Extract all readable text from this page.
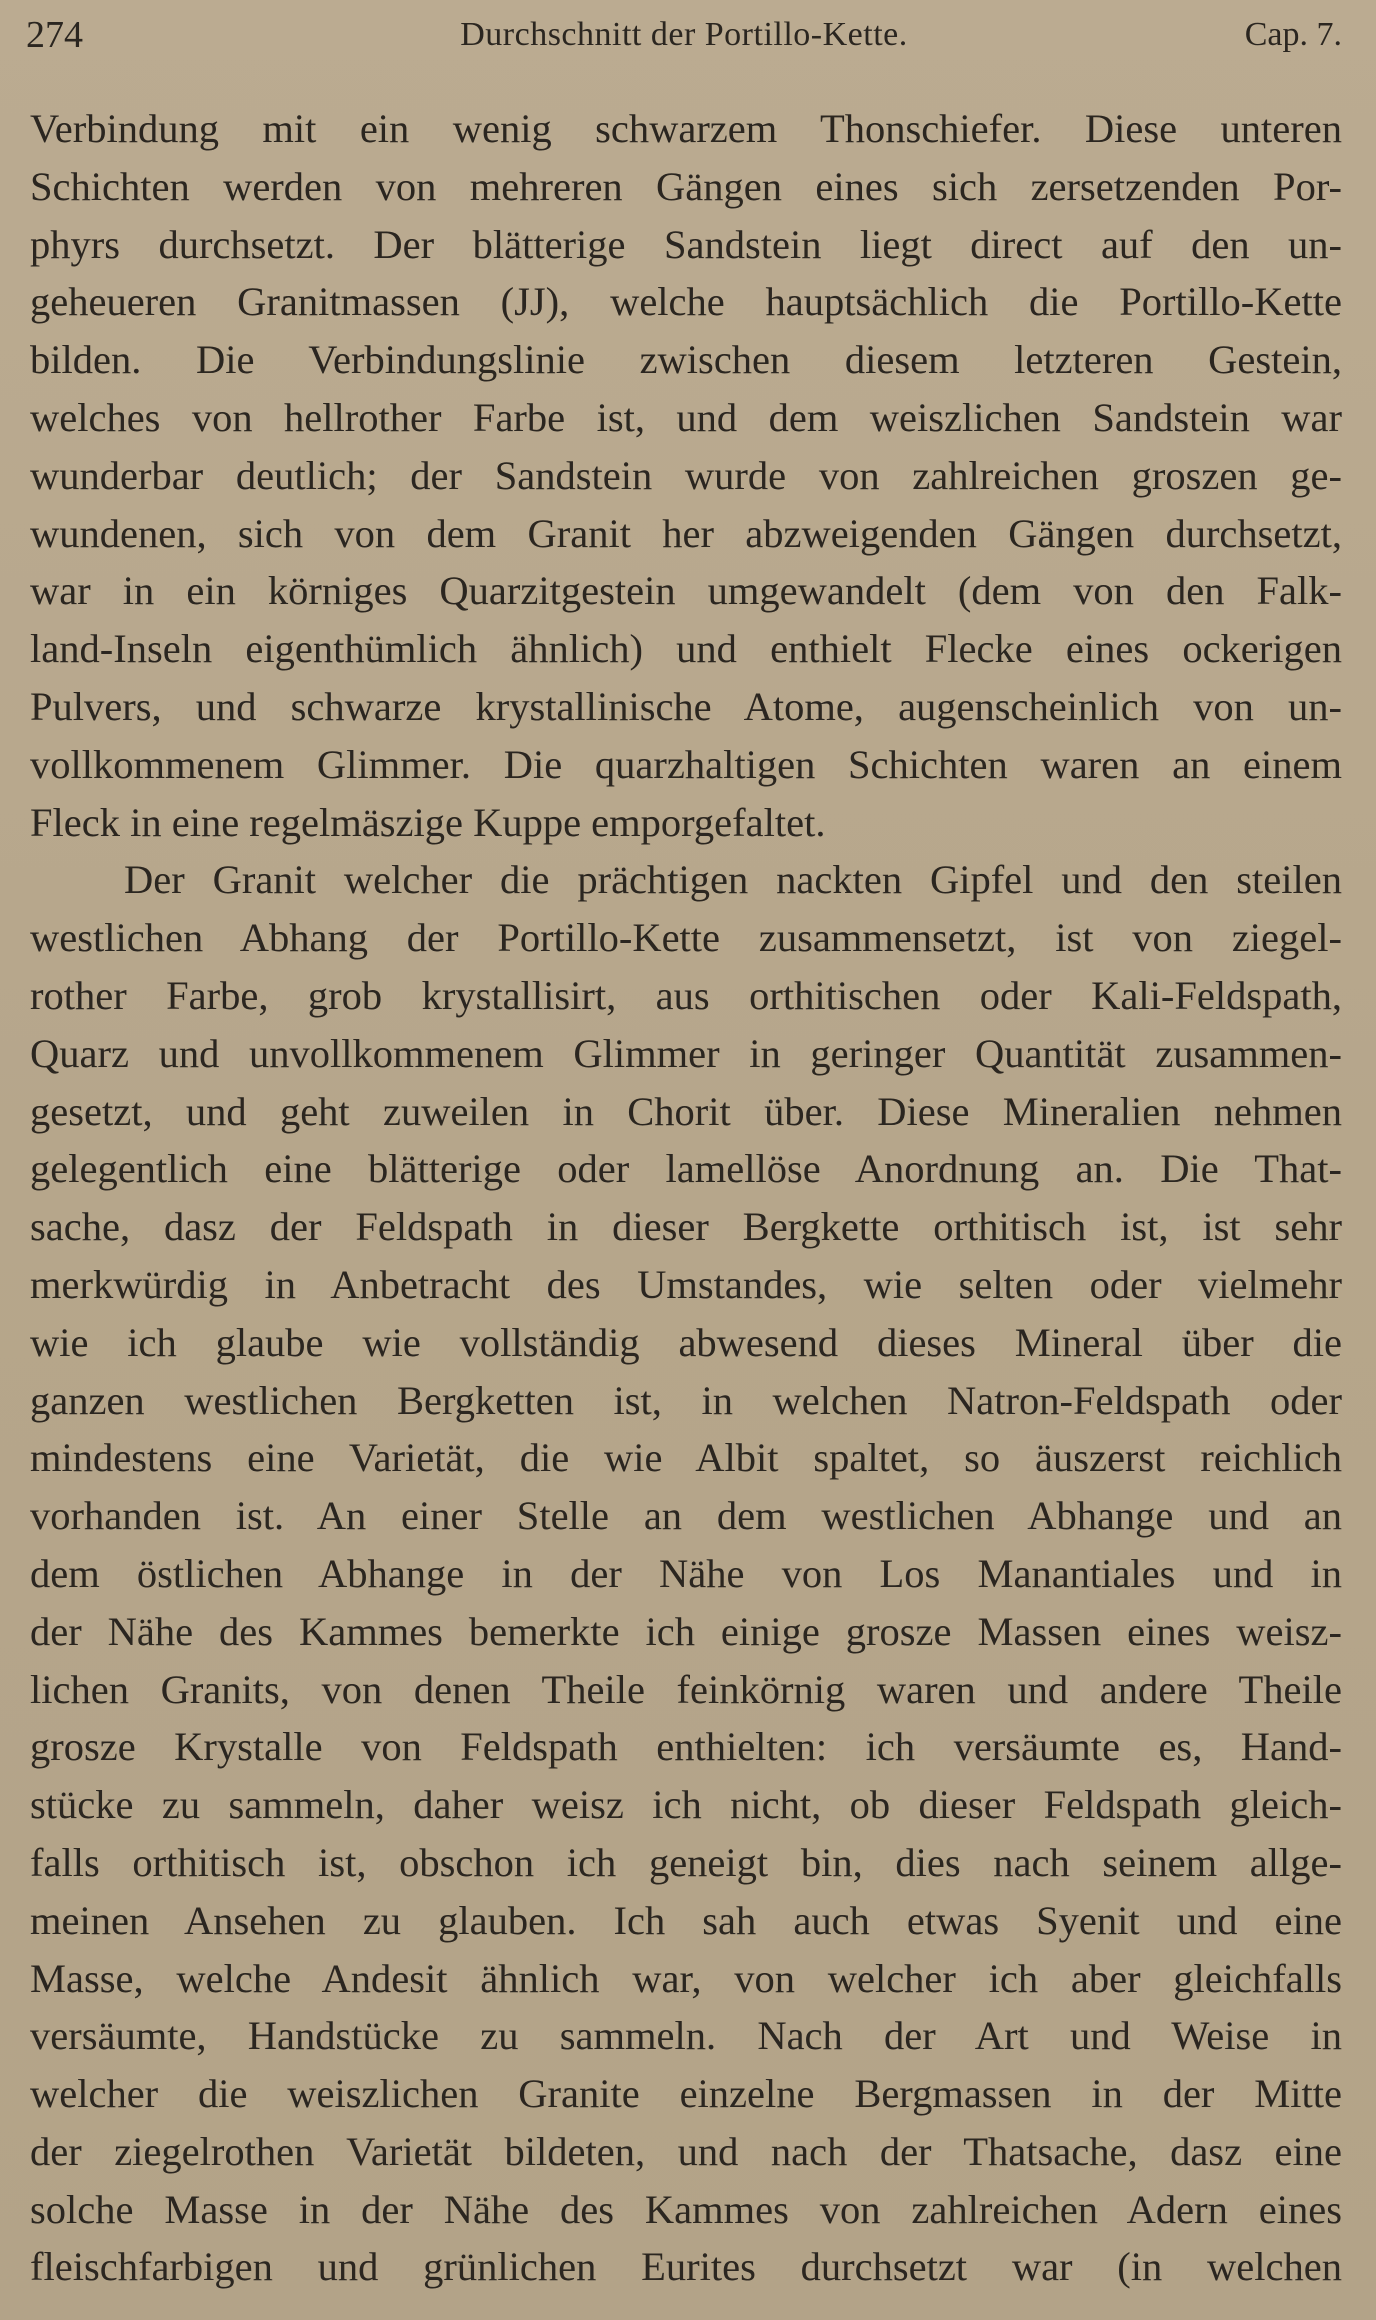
274	Durchschnitt der Portillo-Kette.	Cap. 7.
Verbindung mit ein wenig schwarzem Thonschiefer. Diese unteren
Schichten werden von mehreren Gängen eines sich zersetzenden Por-
phyrs durchsetzt. Der blätterige Sandstein liegt direct auf den un-
geheueren Granitmassen (JJ), welche hauptsächlich die Portillo-Kette
bilden. Die Verbindungslinie zwischen diesem letzteren Gestein,
welches von hellrother Farbe ist, und dem weiszlichen Sandstein war
wunderbar deutlich; der Sandstein wurde von zahlreichen groszen ge-
wundenen, sich von dem Granit her abzweigenden Gängen durchsetzt,
war in ein körniges Quarzitgestein umgewandelt (dem von den Falk-
land-Inseln eigenthümlich ähnlich) und enthielt Flecke eines ockerigen
Pulvers, und schwarze krystallinische Atome, augenscheinlich von un-
vollkommenem Glimmer. Die quarzhaltigen Schichten waren an einem
Fleck in eine regelmäszige Kuppe emporgefaltet.
Der Granit welcher die prächtigen nackten Gipfel und den steilen
westlichen Abhang der Portillo-Kette zusammensetzt, ist von ziegel-
rother Farbe, grob krystallisirt, aus orthitischen oder Kali-Feldspath,
Quarz und unvollkommenem Glimmer in geringer Quantität zusammen-
gesetzt, und geht zuweilen in Chorit über. Diese Mineralien nehmen
gelegentlich eine blätterige oder lamellöse Anordnung an. Die That-
sache, dasz der Feldspath in dieser Bergkette orthitisch ist, ist sehr
merkwürdig in Anbetracht des Umstandes, wie selten oder vielmehr
wie ich glaube wie vollständig abwesend dieses Mineral über die
ganzen westlichen Bergketten ist, in welchen Natron-Feldspath oder
mindestens eine Varietät, die wie Albit spaltet, so äuszerst reichlich
vorhanden ist. An einer Stelle an dem westlichen Abhange und an
dem östlichen Abhange in der Nähe von Los Manantiales und in
der Nähe des Kammes bemerkte ich einige grosze Massen eines weisz-
lichen Granits, von denen Theile feinkörnig waren und andere Theile
grosze Krystalle von Feldspath enthielten: ich versäumte es, Hand-
stücke zu sammeln, daher weisz ich nicht, ob dieser Feldspath gleich-
falls orthitisch ist, obschon ich geneigt bin, dies nach seinem allge-
meinen Ansehen zu glauben. Ich sah auch etwas Syenit und eine
Masse, welche Andesit ähnlich war, von welcher ich aber gleichfalls
versäumte, Handstücke zu sammeln. Nach der Art und Weise in
welcher die weiszlichen Granite einzelne Bergmassen in der Mitte
der ziegelrothen Varietät bildeten, und nach der Thatsache, dasz eine
solche Masse in der Nähe des Kammes von zahlreichen Adern eines
fleischfarbigen und grünlichen Eurites durchsetzt war (in welchen
